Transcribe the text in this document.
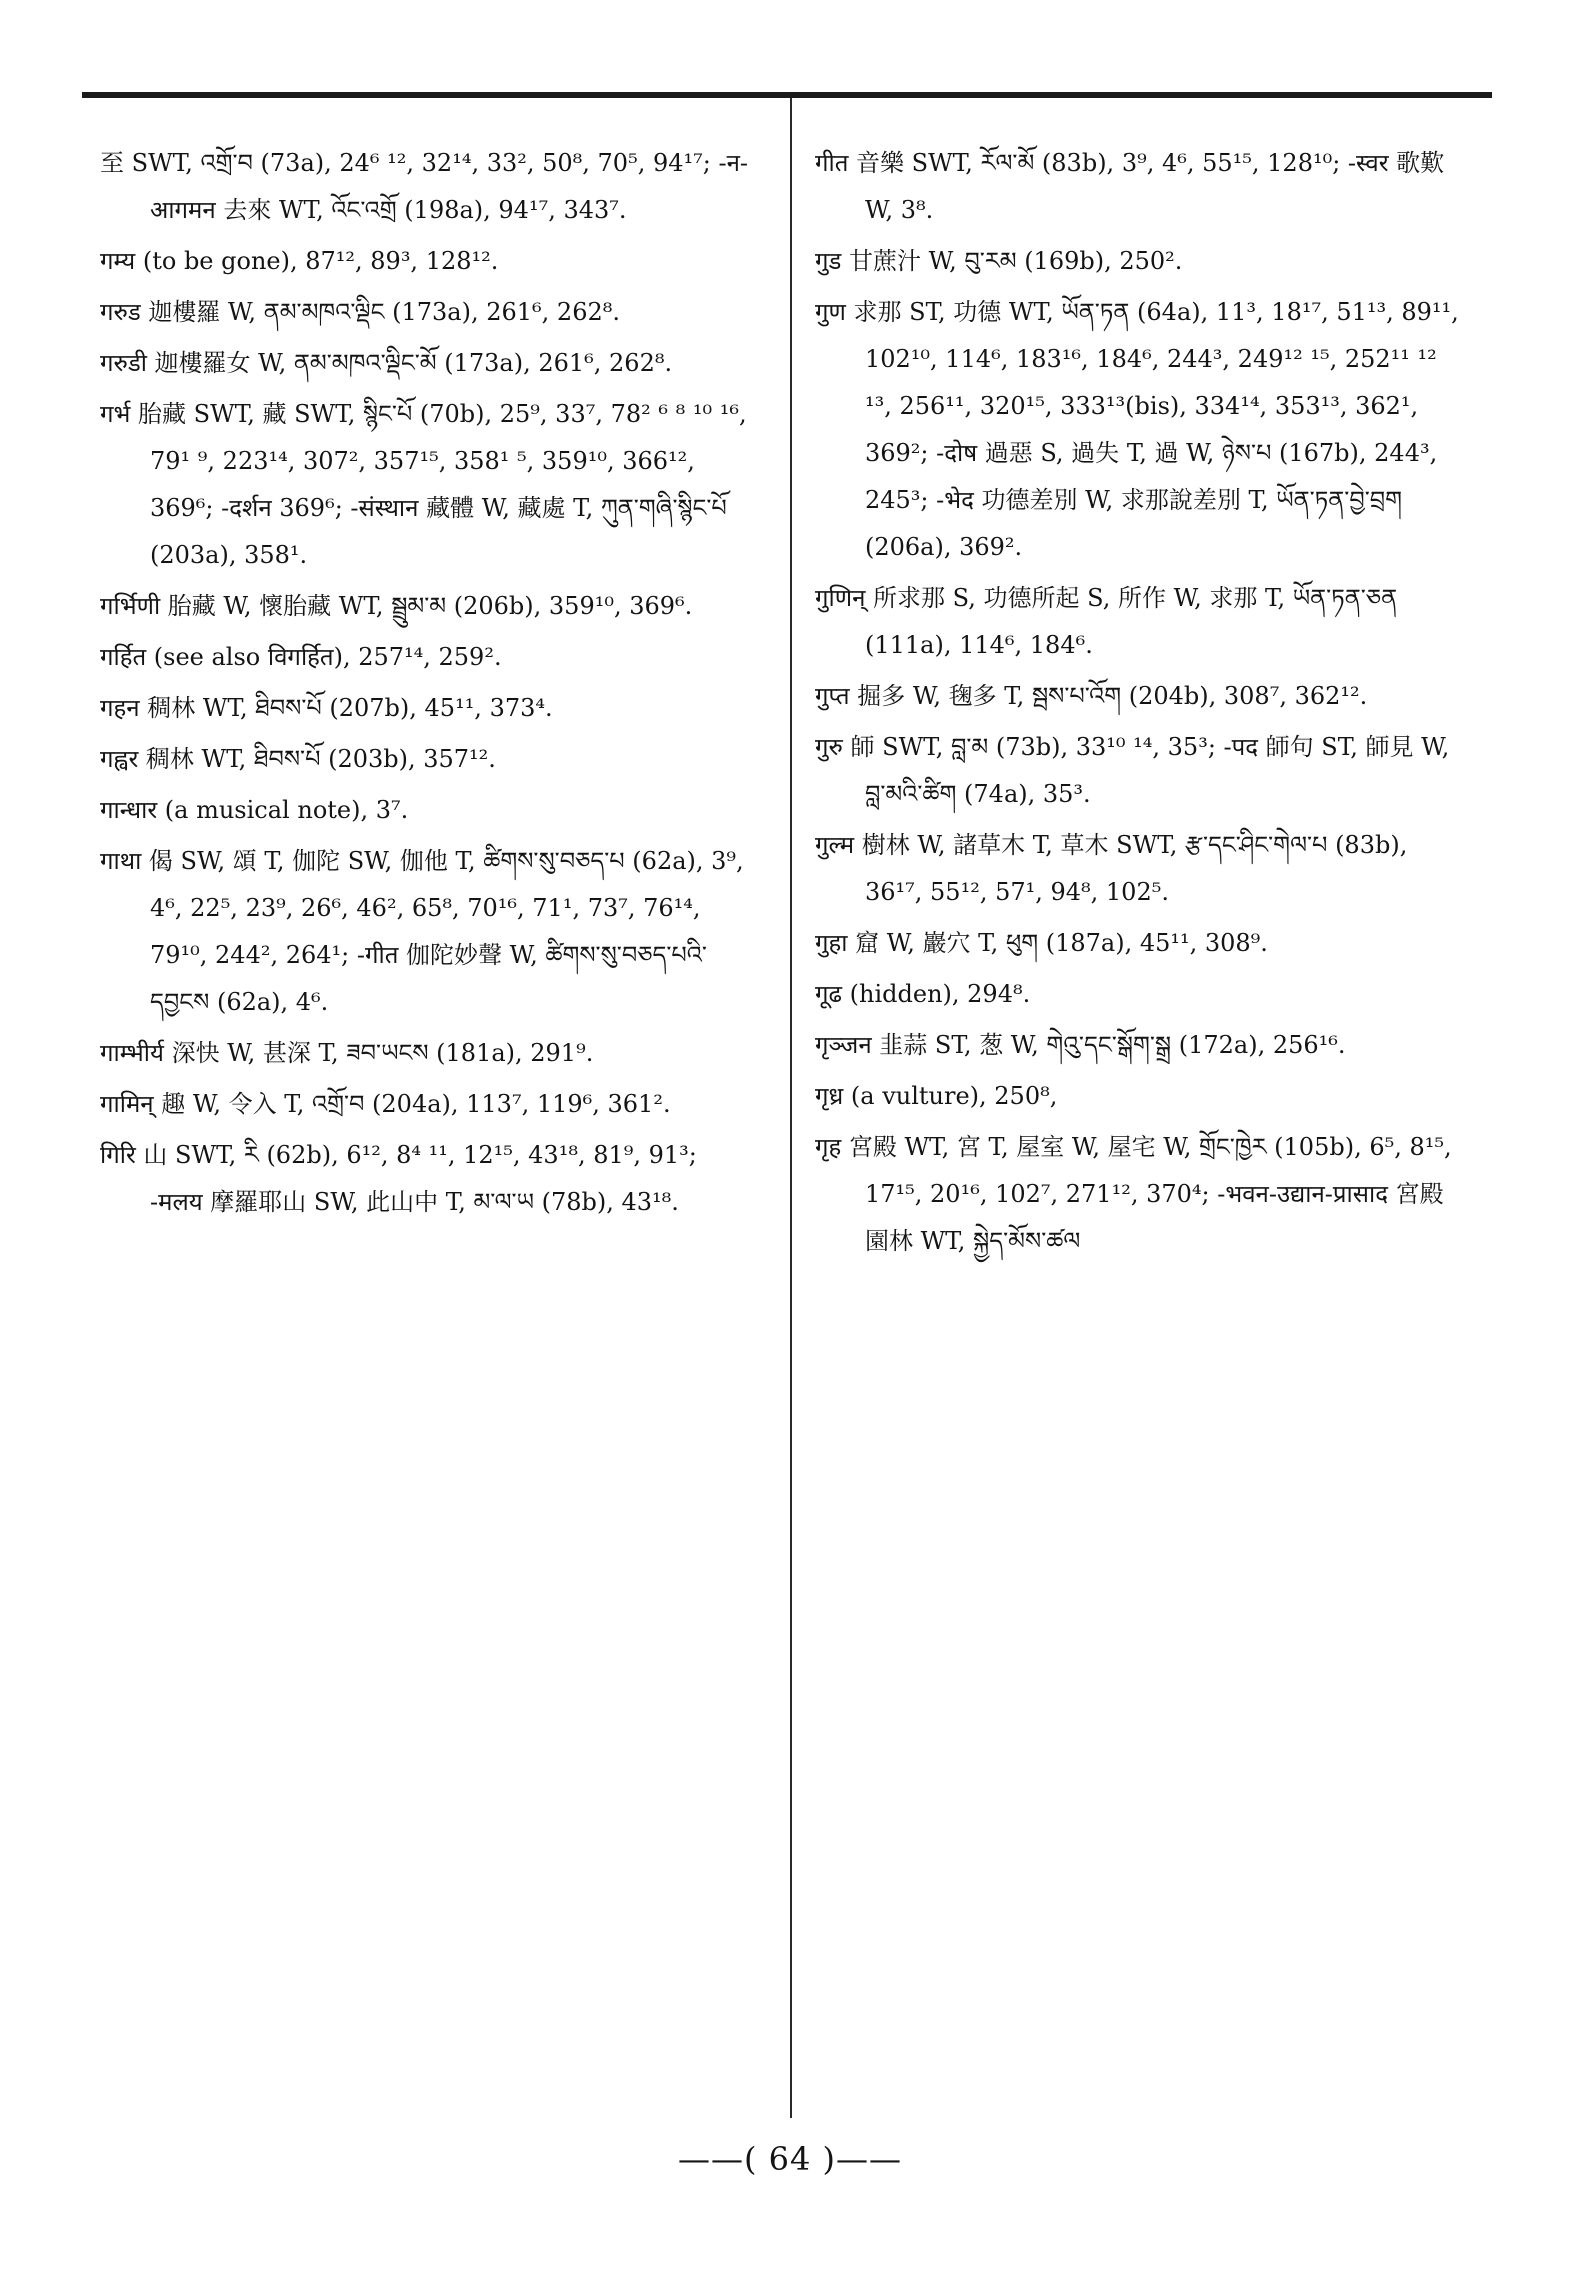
至 SWT, འགྲོ་བ (73a), 24⁶ ¹², 32¹⁴, 33², 50⁸, 70⁵, 94¹⁷; -न-आगमन 去來 WT, འོང་འགྲོ (198a), 94¹⁷, 343⁷.

गम्य (to be gone), 87¹², 89³, 128¹².

गरुड 迦樓羅 W, ནམ་མཁའ་ལྡིང (173a), 261⁶, 262⁸.

गरुडी 迦樓羅女 W, ནམ་མཁའ་ལྡིང་མོ (173a), 261⁶, 262⁸.

गर्भ 胎藏 SWT, 藏 SWT, སྙིང་པོ (70b), 25⁹, 33⁷, 78² ⁶ ⁸ ¹⁰ ¹⁶, 79¹ ⁹, 223¹⁴, 307², 357¹⁵, 358¹ ⁵, 359¹⁰, 366¹², 369⁶; -दर्शन 369⁶; -संस्थान 藏體 W, 藏處 T, ཀུན་གཞི་སྙིང་པོ (203a), 358¹.

गर्भिणी 胎藏 W, 懷胎藏 WT, སྦྲུམ་མ (206b), 359¹⁰, 369⁶.

गर्हित (see also विगर्हित), 257¹⁴, 259².

गहन 稠林 WT, ཐིབས་པོ (207b), 45¹¹, 373⁴.

गह्वर 稠林 WT, ཐིབས་པོ (203b), 357¹².

गान्धार (a musical note), 3⁷.

गाथा 偈 SW, 頌 T, 伽陀 SW, 伽他 T, ཚིགས་སུ་བཅད་པ (62a), 3⁹, 4⁶, 22⁵, 23⁹, 26⁶, 46², 65⁸, 70¹⁶, 71¹, 73⁷, 76¹⁴, 79¹⁰, 244², 264¹; -गीत 伽陀妙聲 W, ཚིགས་སུ་བཅད་པའི་དབྱངས (62a), 4⁶.

गाम्भीर्य 深快 W, 甚深 T, ཟབ་ཡངས (181a), 291⁹.

गामिन् 趣 W, 令入 T, འགྲོ་བ (204a), 113⁷, 119⁶, 361².

गिरि 山 SWT, རི (62b), 6¹², 8⁴ ¹¹, 12¹⁵, 43¹⁸, 81⁹, 91³; -मलय 摩羅耶山 SW, 此山中 T, མ་ལ་ཡ (78b), 43¹⁸.

गीत 音樂 SWT, རོལ་མོ (83b), 3⁹, 4⁶, 55¹⁵, 128¹⁰; -स्वर 歌歎 W, 3⁸.

गुड 甘蔗汁 W, བུ་རམ (169b), 250².

गुण 求那 ST, 功德 WT, ཡོན་ཏན (64a), 11³, 18¹⁷, 51¹³, 89¹¹, 102¹⁰, 114⁶, 183¹⁶, 184⁶, 244³, 249¹² ¹⁵, 252¹¹ ¹² ¹³, 256¹¹, 320¹⁵, 333¹³(bis), 334¹⁴, 353¹³, 362¹, 369²; -दोष 過惡 S, 過失 T, 過 W, ཉེས་པ (167b), 244³, 245³; -भेद 功德差別 W, 求那說差別 T, ཡོན་ཏན་བྱེ་བྲག (206a), 369².

गुणिन् 所求那 S, 功德所起 S, 所作 W, 求那 T, ཡོན་ཏན་ཅན (111a), 114⁶, 184⁶.

गुप्त 掘多 W, 毱多 T, སྦས་པ་འོག (204b), 308⁷, 362¹².

गुरु 師 SWT, བླ་མ (73b), 33¹⁰ ¹⁴, 35³; -पद 師句 ST, 師見 W, བླ་མའི་ཚིག (74a), 35³.

गुल्म 樹林 W, 諸草木 T, 草木 SWT, རྩ་དང་ཤིང་གེལ་པ (83b), 36¹⁷, 55¹², 57¹, 94⁸, 102⁵.

गुहा 窟 W, 巖穴 T, ཕུག (187a), 45¹¹, 308⁹.

गूढ (hidden), 294⁸.

गृञ्जन 韭蒜 ST, 葱 W, གེའུ་དང་སྒོག་སྒྲ (172a), 256¹⁶.

गृध्र (a vulture), 250⁸,

गृह 宮殿 WT, 宮 T, 屋室 W, 屋宅 W, གྲོང་ཁྱེར (105b), 6⁵, 8¹⁵, 17¹⁵, 20¹⁶, 102⁷, 271¹², 370⁴; -भवन-उद्यान-प्रासाद 宮殿園林 WT, སྐྱེད་མོས་ཚལ

——( 64 )——
